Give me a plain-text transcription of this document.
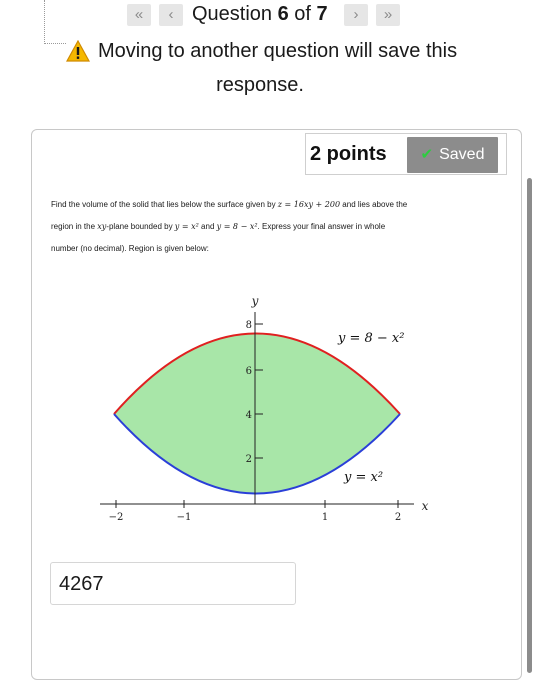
«	‹ Question 6 of 7	›	»
Moving to another question will save this
response.
2 points ✔ Saved
Find the volume of the solid that lies below the surface given by z = 16xy + 200 and lies above the
region in the xy-plane bounded by y = x² and y = 8 − x². Express your final answer in whole
number (no decimal). Region is given below:
−2	−1	1	2
2
4
6
8
y
x
y = 8 − x²
y = x²
4267
